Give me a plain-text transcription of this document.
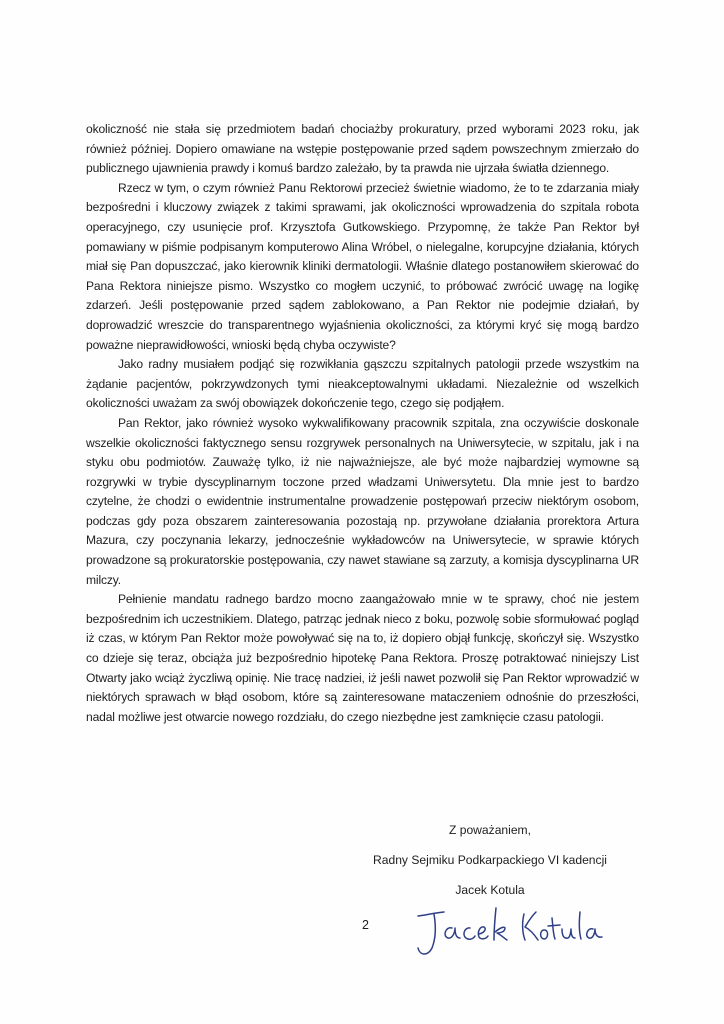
okoliczność nie stała się przedmiotem badań chociażby prokuratury, przed wyborami 2023 roku, jak również później. Dopiero omawiane na wstępie postępowanie przed sądem powszechnym zmierzało do publicznego ujawnienia prawdy i komuś bardzo zależało, by ta prawda nie ujrzała światła dziennego.

Rzecz w tym, o czym również Panu Rektorowi przecież świetnie wiadomo, że to te zdarzania miały bezpośredni i kluczowy związek z takimi sprawami, jak okoliczności wprowadzenia do szpitala robota operacyjnego, czy usunięcie prof. Krzysztofa Gutkowskiego. Przypomnę, że także Pan Rektor był pomawiany w piśmie podpisanym komputerowo Alina Wróbel, o nielegalne, korupcyjne działania, których miał się Pan dopuszczać, jako kierownik kliniki dermatologii. Właśnie dlatego postanowiłem skierować do Pana Rektora niniejsze pismo. Wszystko co mogłem uczynić, to próbować zwrócić uwagę na logikę zdarzeń. Jeśli postępowanie przed sądem zablokowano, a Pan Rektor nie podejmie działań, by doprowadzić wreszcie do transparentnego wyjaśnienia okoliczności, za którymi kryć się mogą bardzo poważne nieprawidłowości, wnioski będą chyba oczywiste?

Jako radny musiałem podjąć się rozwikłania gąszczu szpitalnych patologii przede wszystkim na żądanie pacjentów, pokrzywdzonych tymi nieakceptowalnymi układami. Niezależnie od wszelkich okoliczności uważam za swój obowiązek dokończenie tego, czego się podjąłem.

Pan Rektor, jako również wysoko wykwalifikowany pracownik szpitala, zna oczywiście doskonale wszelkie okoliczności faktycznego sensu rozgrywek personalnych na Uniwersytecie, w szpitalu, jak i na styku obu podmiotów. Zauważę tylko, iż nie najważniejsze, ale być może najbardziej wymowne są rozgrywki w trybie dyscyplinarnym toczone przed władzami Uniwersytetu. Dla mnie jest to bardzo czytelne, że chodzi o ewidentnie instrumentalne prowadzenie postępowań przeciw niektórym osobom, podczas gdy poza obszarem zainteresowania pozostają np. przywołane działania prorektora Artura Mazura, czy poczynania lekarzy, jednocześnie wykładowców na Uniwersytecie, w sprawie których prowadzone są prokuratorskie postępowania, czy nawet stawiane są zarzuty, a komisja dyscyplinarna UR milczy.

Pełnienie mandatu radnego bardzo mocno zaangażowało mnie w te sprawy, choć nie jestem bezpośrednim ich uczestnikiem. Dlatego, patrząc jednak nieco z boku, pozwolę sobie sformułować pogląd iż czas, w którym Pan Rektor może powoływać się na to, iż dopiero objął funkcję, skończył się. Wszystko co dzieje się teraz, obciąża już bezpośrednio hipotekę Pana Rektora. Proszę potraktować niniejszy List Otwarty jako wciąż życzliwą opinię. Nie tracę nadziei, iż jeśli nawet pozwolił się Pan Rektor wprowadzić w niektórych sprawach w błąd osobom, które są zainteresowane mataczeniem odnośnie do przeszłości, nadal możliwe jest otwarcie nowego rozdziału, do czego niezbędne jest zamknięcie czasu patologii.

Z poważaniem,
Radny Sejmiku Podkarpackiego VI kadencji
Jacek Kotula
2
